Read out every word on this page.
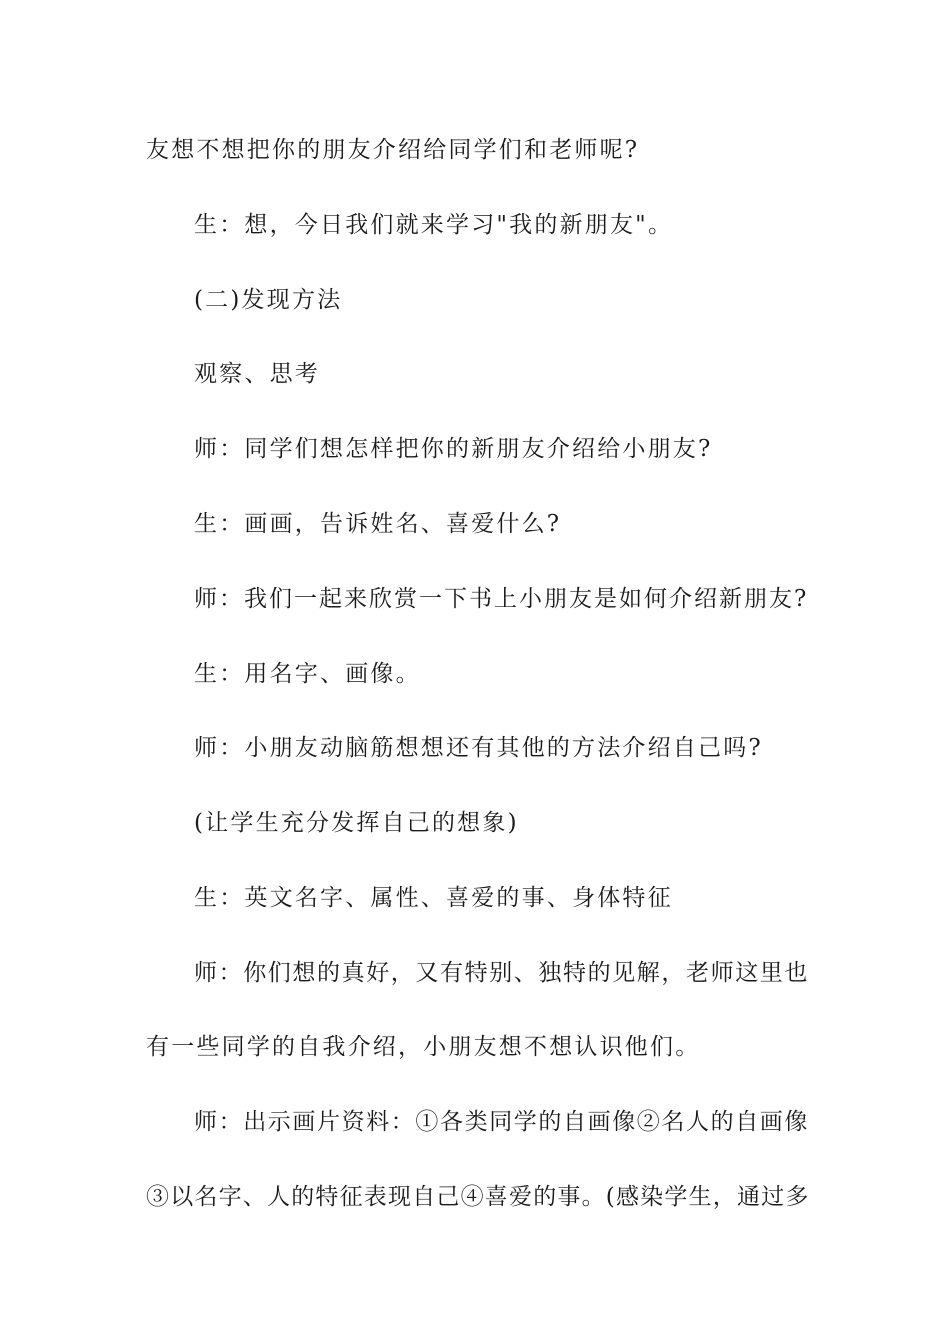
友想不想把你的朋友介绍给同学们和老师呢?
生：想，今日我们就来学习"我的新朋友"。
(二)发现方法
观察、思考
师：同学们想怎样把你的新朋友介绍给小朋友?
生：画画，告诉姓名、喜爱什么?
师：我们一起来欣赏一下书上小朋友是如何介绍新朋友?
生：用名字、画像。
师：小朋友动脑筋想想还有其他的方法介绍自己吗?
(让学生充分发挥自己的想象)
生：英文名字、属性、喜爱的事、身体特征
师：你们想的真好，又有特别、独特的见解，老师这里也
有一些同学的自我介绍，小朋友想不想认识他们。
师：出示画片资料：①各类同学的自画像②名人的自画像
③以名字、人的特征表现自己④喜爱的事。(感染学生，通过多
